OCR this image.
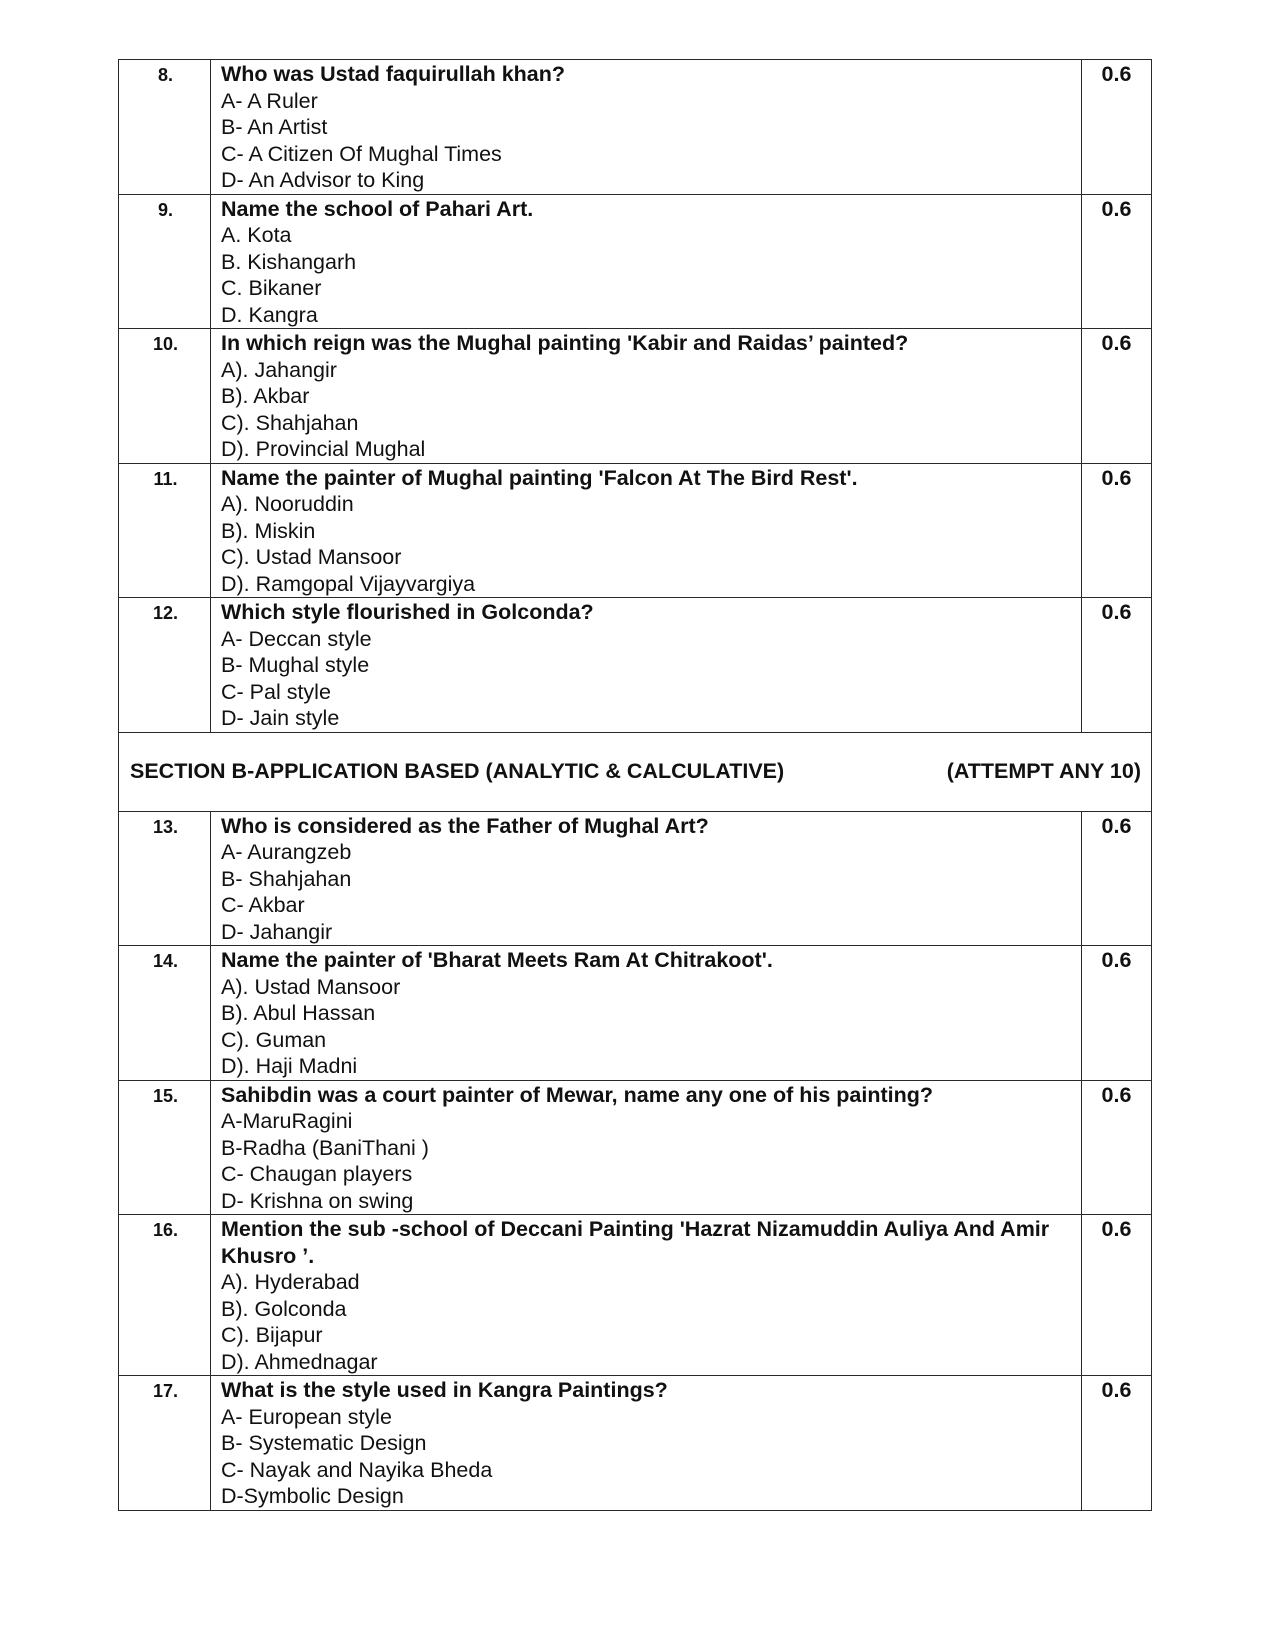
8.	Who was Ustad faquirullah khan?
A- A Ruler
B- An Artist
C- A Citizen Of Mughal Times
D- An Advisor to King	0.6
9.	Name the school of Pahari Art.
A. Kota
B. Kishangarh
C. Bikaner
D. Kangra	0.6
10.	In which reign was the Mughal painting 'Kabir and Raidas’ painted?
A). Jahangir
B). Akbar
C). Shahjahan
D). Provincial Mughal	0.6
11.	Name the painter of Mughal painting 'Falcon At The Bird Rest'.
A). Nooruddin
B). Miskin
C). Ustad Mansoor
D). Ramgopal Vijayvargiya	0.6
12.	Which style flourished in Golconda?
A- Deccan style
B- Mughal style
C- Pal style
D- Jain style	0.6

SECTION B-APPLICATION BASED (ANALYTIC & CALCULATIVE) (ATTEMPT ANY 10)		

13.	Who is considered as the Father of Mughal Art?
A- Aurangzeb
B- Shahjahan
C- Akbar
D- Jahangir	0.6
14.	Name the painter of 'Bharat Meets Ram At Chitrakoot'.
A). Ustad Mansoor
B). Abul Hassan
C). Guman
D). Haji Madni	0.6
15.	Sahibdin was a court painter of Mewar, name any one of his painting?
A-MaruRagini
B-Radha (BaniThani )
C- Chaugan players
D- Krishna on swing	0.6
16.	Mention the sub -school of Deccani Painting 'Hazrat Nizamuddin Auliya And Amir Khusro ’.
A). Hyderabad
B). Golconda
C). Bijapur
D). Ahmednagar	0.6
17.	What is the style used in Kangra Paintings?
A- European style
B- Systematic Design
C- Nayak and Nayika Bheda
D-Symbolic Design	0.6
